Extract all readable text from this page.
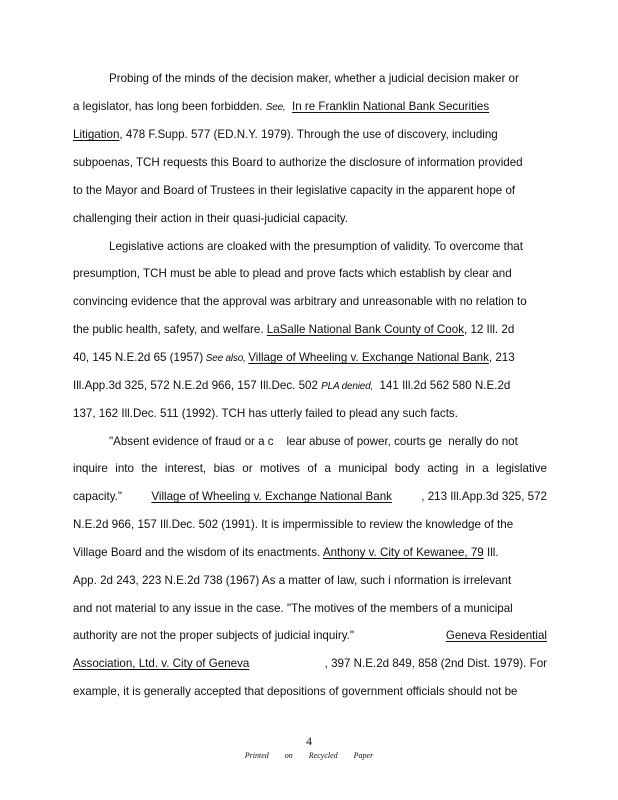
Probing of the minds of the decision maker, whether a judicial decision maker or
a legislator, has long been forbidden. See, In re Franklin National Bank Securities
Litigation, 478 F.Supp. 577 (ED.N.Y. 1979). Through the use of discovery, including
subpoenas, TCH requests this Board to authorize the disclosure of information provided
to the Mayor and Board of Trustees in their legislative capacity in the apparent hope of
challenging their action in their quasi-judicial capacity.
Legislative actions are cloaked with the presumption of validity. To overcome that
presumption, TCH must be able to plead and prove facts which establish by clear and
convincing evidence that the approval was arbitrary and unreasonable with no relation to
the public health, safety, and welfare. LaSalle National Bank County of Cook, 12 Ill. 2d
40, 145 N.E.2d 65 (1957) See also, Village of Wheeling v. Exchange National Bank, 213
Ill.App.3d 325, 572 N.E.2d 966, 157 Ill.Dec. 502 PLA denied,  141 Ill.2d 562 580 N.E.2d
137, 162 Ill.Dec. 511 (1992). TCH has utterly failed to plead any such facts.
"Absent evidence of fraud or a c    lear abuse of power, courts ge  nerally do not
inquire into the interest, bias or motives of a municipal body acting in a legislative
capacity."	Village of Wheeling v. Exchange National Bank	, 213 Ill.App.3d 325, 572
N.E.2d 966, 157 Ill.Dec. 502 (1991). It is impermissible to review the knowledge of the
Village Board and the wisdom of its enactments. Anthony v. City of Kewanee, 79 Ill.
App. 2d 243, 223 N.E.2d 738 (1967) As a matter of law, such i nformation is irrelevant
and not material to any issue in the case. "The motives of the members of a municipal
authority are not the proper subjects of judicial inquiry."	Geneva Residential
Association, Ltd. v. City of Geneva	, 397 N.E.2d 849, 858 (2nd Dist. 1979). For
example, it is generally accepted that depositions of government officials should not be
4
Printed on Recycled Paper
